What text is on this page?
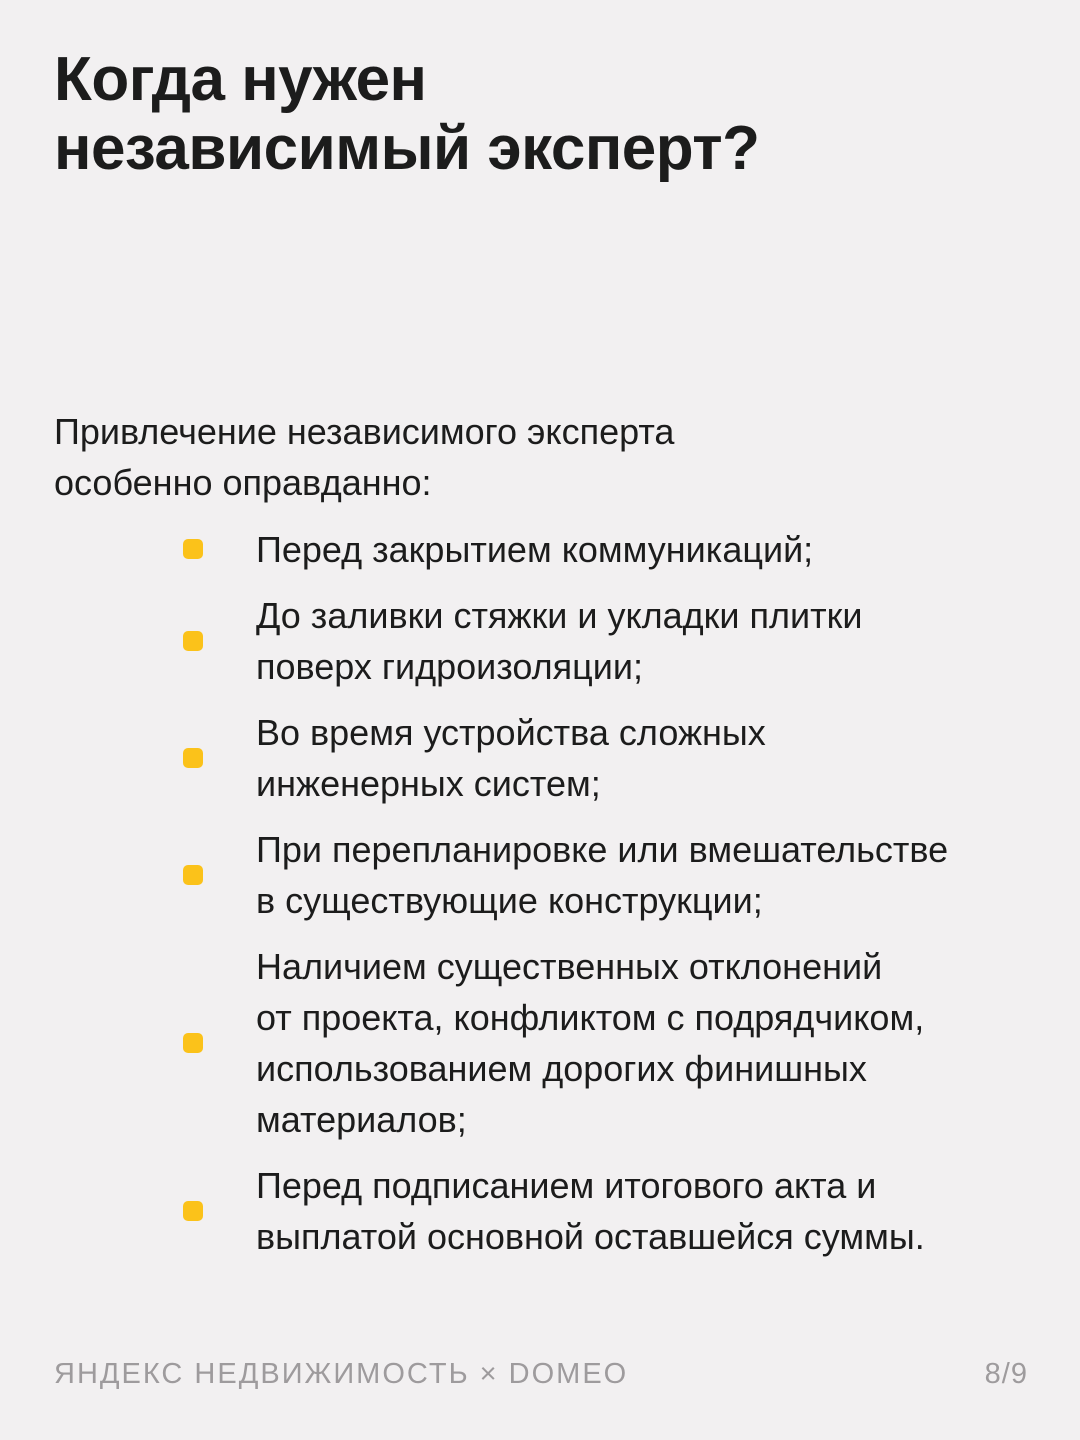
Когда нужен
независимый эксперт?

Привлечение независимого эксперта
особенно оправданно:

Перед закрытием коммуникаций;
До заливки стяжки и укладки плитки
поверх гидроизоляции;
Во время устройства сложных
инженерных систем;
При перепланировке или вмешательстве
в существующие конструкции;
Наличием существенных отклонений
от проекта, конфликтом с подрядчиком,
использованием дорогих финишных
материалов;
Перед подписанием итогового акта и
выплатой основной оставшейся суммы.
ЯНДЕКС НЕДВИЖИМОСТЬ × DOMEO	8/9
